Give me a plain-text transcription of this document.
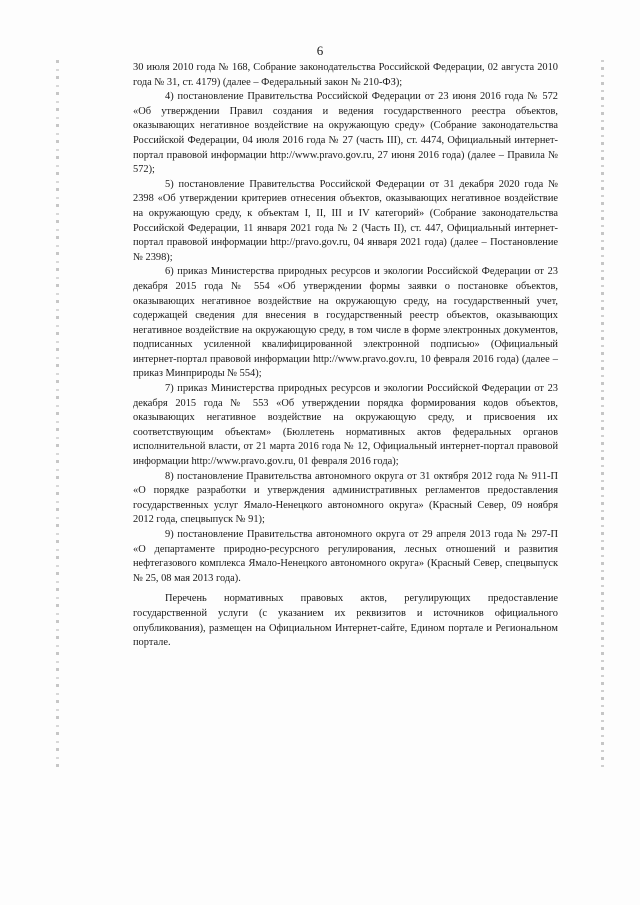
6

30 июля 2010 года № 168, Собрание законодательства Российской Федерации, 02 августа 2010 года № 31, ст. 4179) (далее – Федеральный закон № 210-ФЗ);

4) постановление Правительства Российской Федерации от 23 июня 2016 года № 572 «Об утверждении Правил создания и ведения государственного реестра объектов, оказывающих негативное воздействие на окружающую среду» (Собрание законодательства Российской Федерации, 04 июля 2016 года № 27 (часть III), ст. 4474, Официальный интернет-портал правовой информации http://www.pravo.gov.ru, 27 июня 2016 года) (далее – Правила № 572);

5) постановление Правительства Российской Федерации от 31 декабря 2020 года № 2398 «Об утверждении критериев отнесения объектов, оказывающих негативное воздействие на окружающую среду, к объектам I, II, III и IV категорий» (Собрание законодательства Российской Федерации, 11 января 2021 года № 2 (Часть II), ст. 447, Официальный интернет-портал правовой информации http://pravo.gov.ru, 04 января 2021 года) (далее – Постановление № 2398);

6) приказ Министерства природных ресурсов и экологии Российской Федерации от 23 декабря 2015 года № 554 «Об утверждении формы заявки о постановке объектов, оказывающих негативное воздействие на окружающую среду, на государственный учет, содержащей сведения для внесения в государственный реестр объектов, оказывающих негативное воздействие на окружающую среду, в том числе в форме электронных документов, подписанных усиленной квалифицированной электронной подписью» (Официальный интернет-портал правовой информации http://www.pravo.gov.ru, 10 февраля 2016 года) (далее – приказ Минприроды № 554);

7) приказ Министерства природных ресурсов и экологии Российской Федерации от 23 декабря 2015 года № 553 «Об утверждении порядка формирования кодов объектов, оказывающих негативное воздействие на окружающую среду, и присвоения их соответствующим объектам» (Бюллетень нормативных актов федеральных органов исполнительной власти, от 21 марта 2016 года № 12, Официальный интернет-портал правовой информации http://www.pravo.gov.ru, 01 февраля 2016 года);

8) постановление Правительства автономного округа от 31 октября 2012 года № 911-П «О порядке разработки и утверждения административных регламентов предоставления государственных услуг Ямало-Ненецкого автономного округа» (Красный Север, 09 ноября 2012 года, спецвыпуск № 91);

9) постановление Правительства автономного округа от 29 апреля 2013 года № 297-П «О департаменте природно-ресурсного регулирования, лесных отношений и развития нефтегазового комплекса Ямало-Ненецкого автономного округа» (Красный Север, спецвыпуск № 25, 08 мая 2013 года).

Перечень нормативных правовых актов, регулирующих предоставление государственной услуги (с указанием их реквизитов и источников официального опубликования), размещен на Официальном Интернет-сайте, Едином портале и Региональном портале.
